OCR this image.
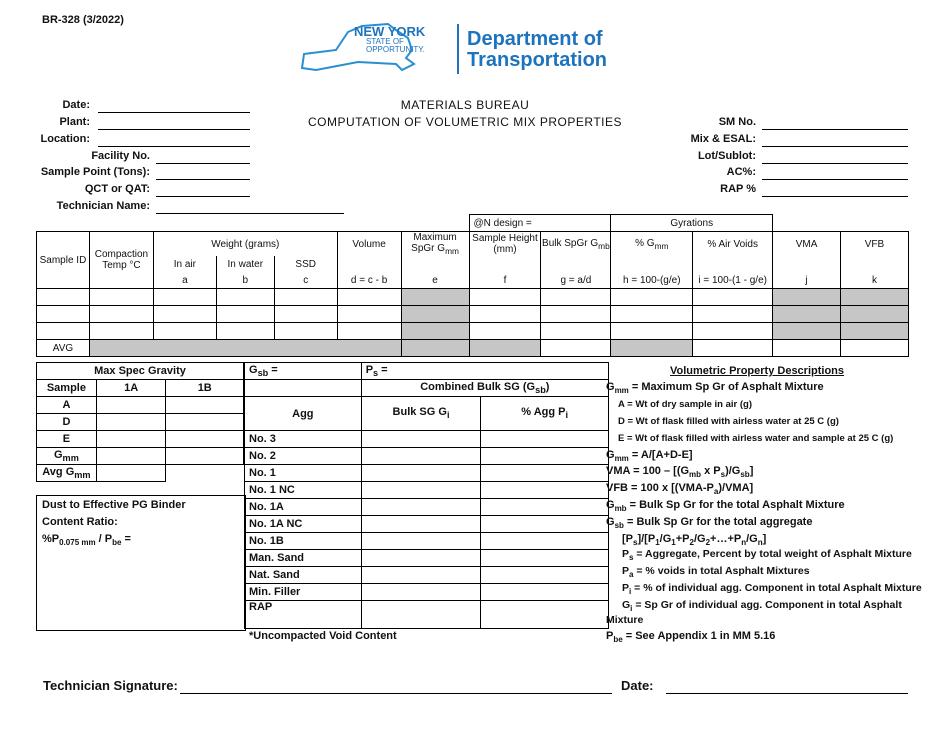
BR-328 (3/2022)
NEW YORK
STATE OF
OPPORTUNITY. Department of
Transportation
MATERIALS BUREAU
COMPUTATION OF VOLUMETRIC MIX PROPERTIES
Date:
Plant:
Location:
Facility No.
Sample Point (Tons):
QCT or QAT:
Technician Name:
SM No.
Mix & ESAL:
Lot/Sublot:
AC%:
RAP %
							@N design =		Gyrations			
Sample ID	Compaction Temp °C	Weight (grams)			Volume	Maximum SpGr $G_{mm}$	Sample Height (mm)	Bulk SpGr $G_{mb}$	% $G_{mm}$	% Air Voids	VMA	VFB
		In air	In water	SSD								
		a	b	c	d = c - b	e	f	g = a/d	h = 100-(g/e)	i = 100-(1 - g/e)	j	k

AVG												
Max Spec Gravity		
Sample	1A	1B
A		
D		
E		
$G_{mm}$		
Avg $G_{mm}$		
Dust to Effective PG Binder
Content Ratio:
$\%P_{0.075 mm} / P_{be}$ =
$G_{sb}$ =	$P_s$ =	
	Combined Bulk SG $(G_{sb})$	
Agg	Bulk SG $G_i$	% Agg $P_i$
No. 3		
No. 2		
No. 1		
No. 1 NC		
No. 1A		
No. 1A NC		
No. 1B		
Man. Sand		
Nat. Sand		
Min. Filler		
RAP		
*Uncompacted Void Content
Volumetric Property Descriptions
$G_{mm}$ = Maximum Sp Gr of Asphalt Mixture
A = Wt of dry sample in air (g)
D = Wt of flask filled with airless water at 25 C (g)
E = Wt of flask filled with airless water and sample at 25 C (g)
$G_{mm} = A/[A+D-E]$
VMA = $100 - [(G_{mb}$ x $P_s)/G_{sb}$]
VFB = 100 x $[(VMA-P_a)/VMA]$
$G_{mb}$ = Bulk Sp Gr for the total Asphalt Mixture
$G_{sb}$ = Bulk Sp Gr for the total aggregate
$[P_s]/[P_1/G_1+P_2/G_2+\dots+P_n/G_n]$
$P_s$ = Aggregate, Percent by total weight of Asphalt Mixture
$P_a$ = % voids in total Asphalt Mixtures
$P_i$ = % of individual agg. Component in total Asphalt Mixture
$G_i = Sp$ Gr of individual agg. Component in total Asphalt
Mixture
$P_{be}$ = See Appendix 1 in MM 5.16
Technician Signature:	Date:
